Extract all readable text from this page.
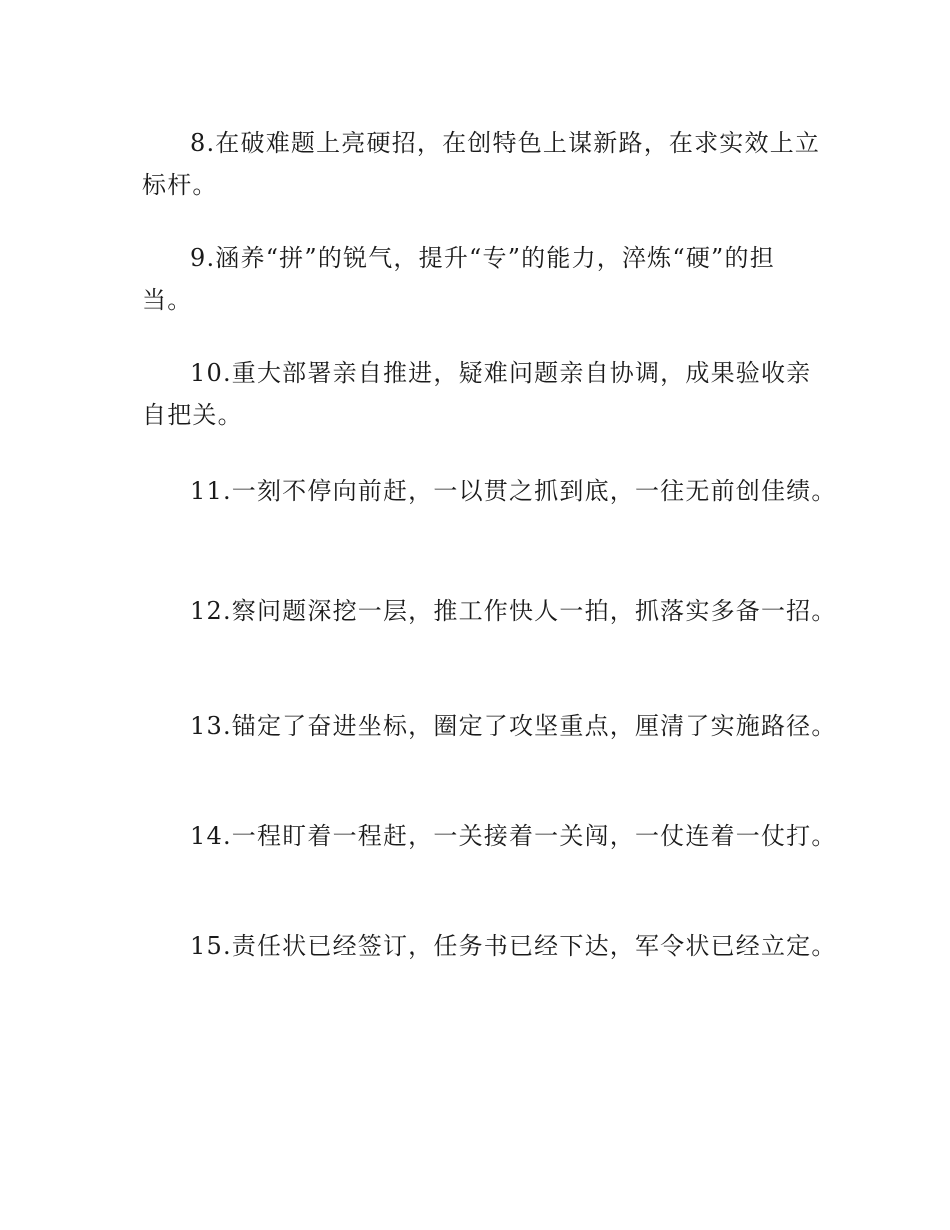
8.在破难题上亮硬招，在创特色上谋新路，在求实效上立标杆。

9.涵养“拼”的锐气，提升“专”的能力，淬炼“硬”的担当。

10.重大部署亲自推进，疑难问题亲自协调，成果验收亲自把关。

11.一刻不停向前赶，一以贯之抓到底，一往无前创佳绩。

12.察问题深挖一层，推工作快人一拍，抓落实多备一招。

13.锚定了奋进坐标，圈定了攻坚重点，厘清了实施路径。

14.一程盯着一程赶，一关接着一关闯，一仗连着一仗打。

15.责任状已经签订，任务书已经下达，军令状已经立定。
